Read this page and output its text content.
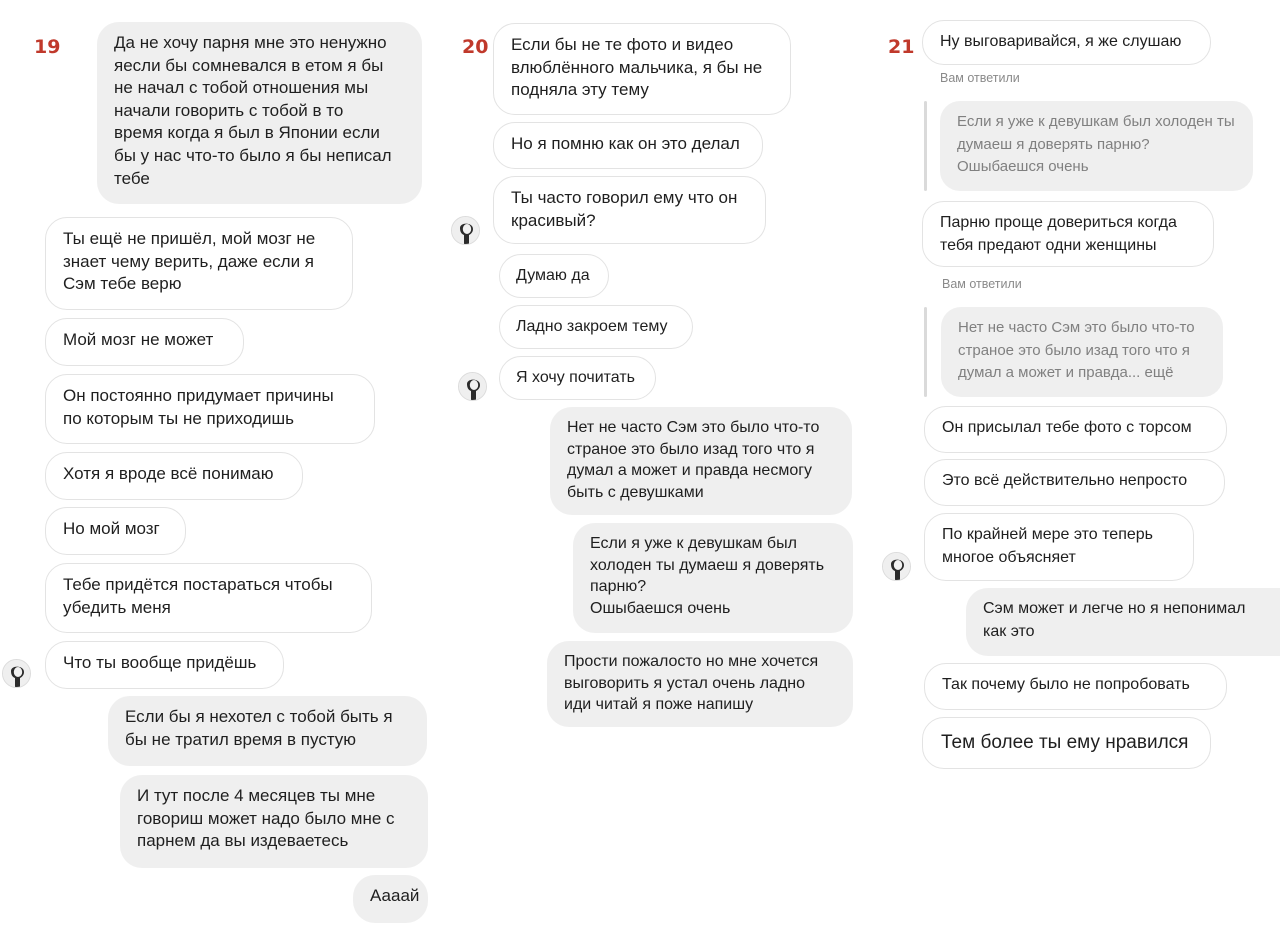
19	20	21
Да не хочу парня мне это ненужно
яесли бы сомневался в етом я бы
не начал с тобой отношения мы
начали говорить с тобой в то
время когда я был в Японии если
бы у нас что-то было я бы неписал
тебе
Ты ещё не пришёл, мой мозг не
знает чему верить, даже если я
Сэм тебе верю
Мой мозг не может
Он постоянно придумает причины
по которым ты не приходишь
Хотя я вроде всё понимаю
Но мой мозг
Тебе придётся постараться чтобы
убедить меня
Что ты вообще придёшь
Если бы я нехотел с тобой быть я
бы не тратил время в пустую
И тут после 4 месяцев ты мне
говориш может надо было мне с
парнем да вы издеваетесь
Аааай
Если бы не те фото и видео
влюблённого мальчика, я бы не
подняла эту тему
Но я помню как он это делал
Ты часто говорил ему что он
красивый?
Думаю да
Ладно закроем тему
Я хочу почитать
Нет не часто Сэм это было что-то
страное это было изад того что я
думал а может и правда несмогу
быть с девушками
Если я уже к девушкам был
холоден ты думаеш я доверять
парню?
Ошыбаешся очень
Прости пожалосто но мне хочется
выговорить я устал очень ладно
иди читай я поже напишу
Ну выговаривайся, я же слушаю
Вам ответили
Если я уже к девушкам был холоден ты
думаеш я доверять парню?
Ошыбаешся очень
Парню проще довериться когда
тебя предают одни женщины
Вам ответили
Нет не часто Сэм это было что-то
страное это было изад того что я
думал а может и правда... ещё
Он присылал тебе фото с торсом
Это всё действительно непросто
По крайней мере это теперь
многое объясняет
Сэм может и легче но я непонимал
как это
Так почему было не попробовать
Тем более ты ему нравился
